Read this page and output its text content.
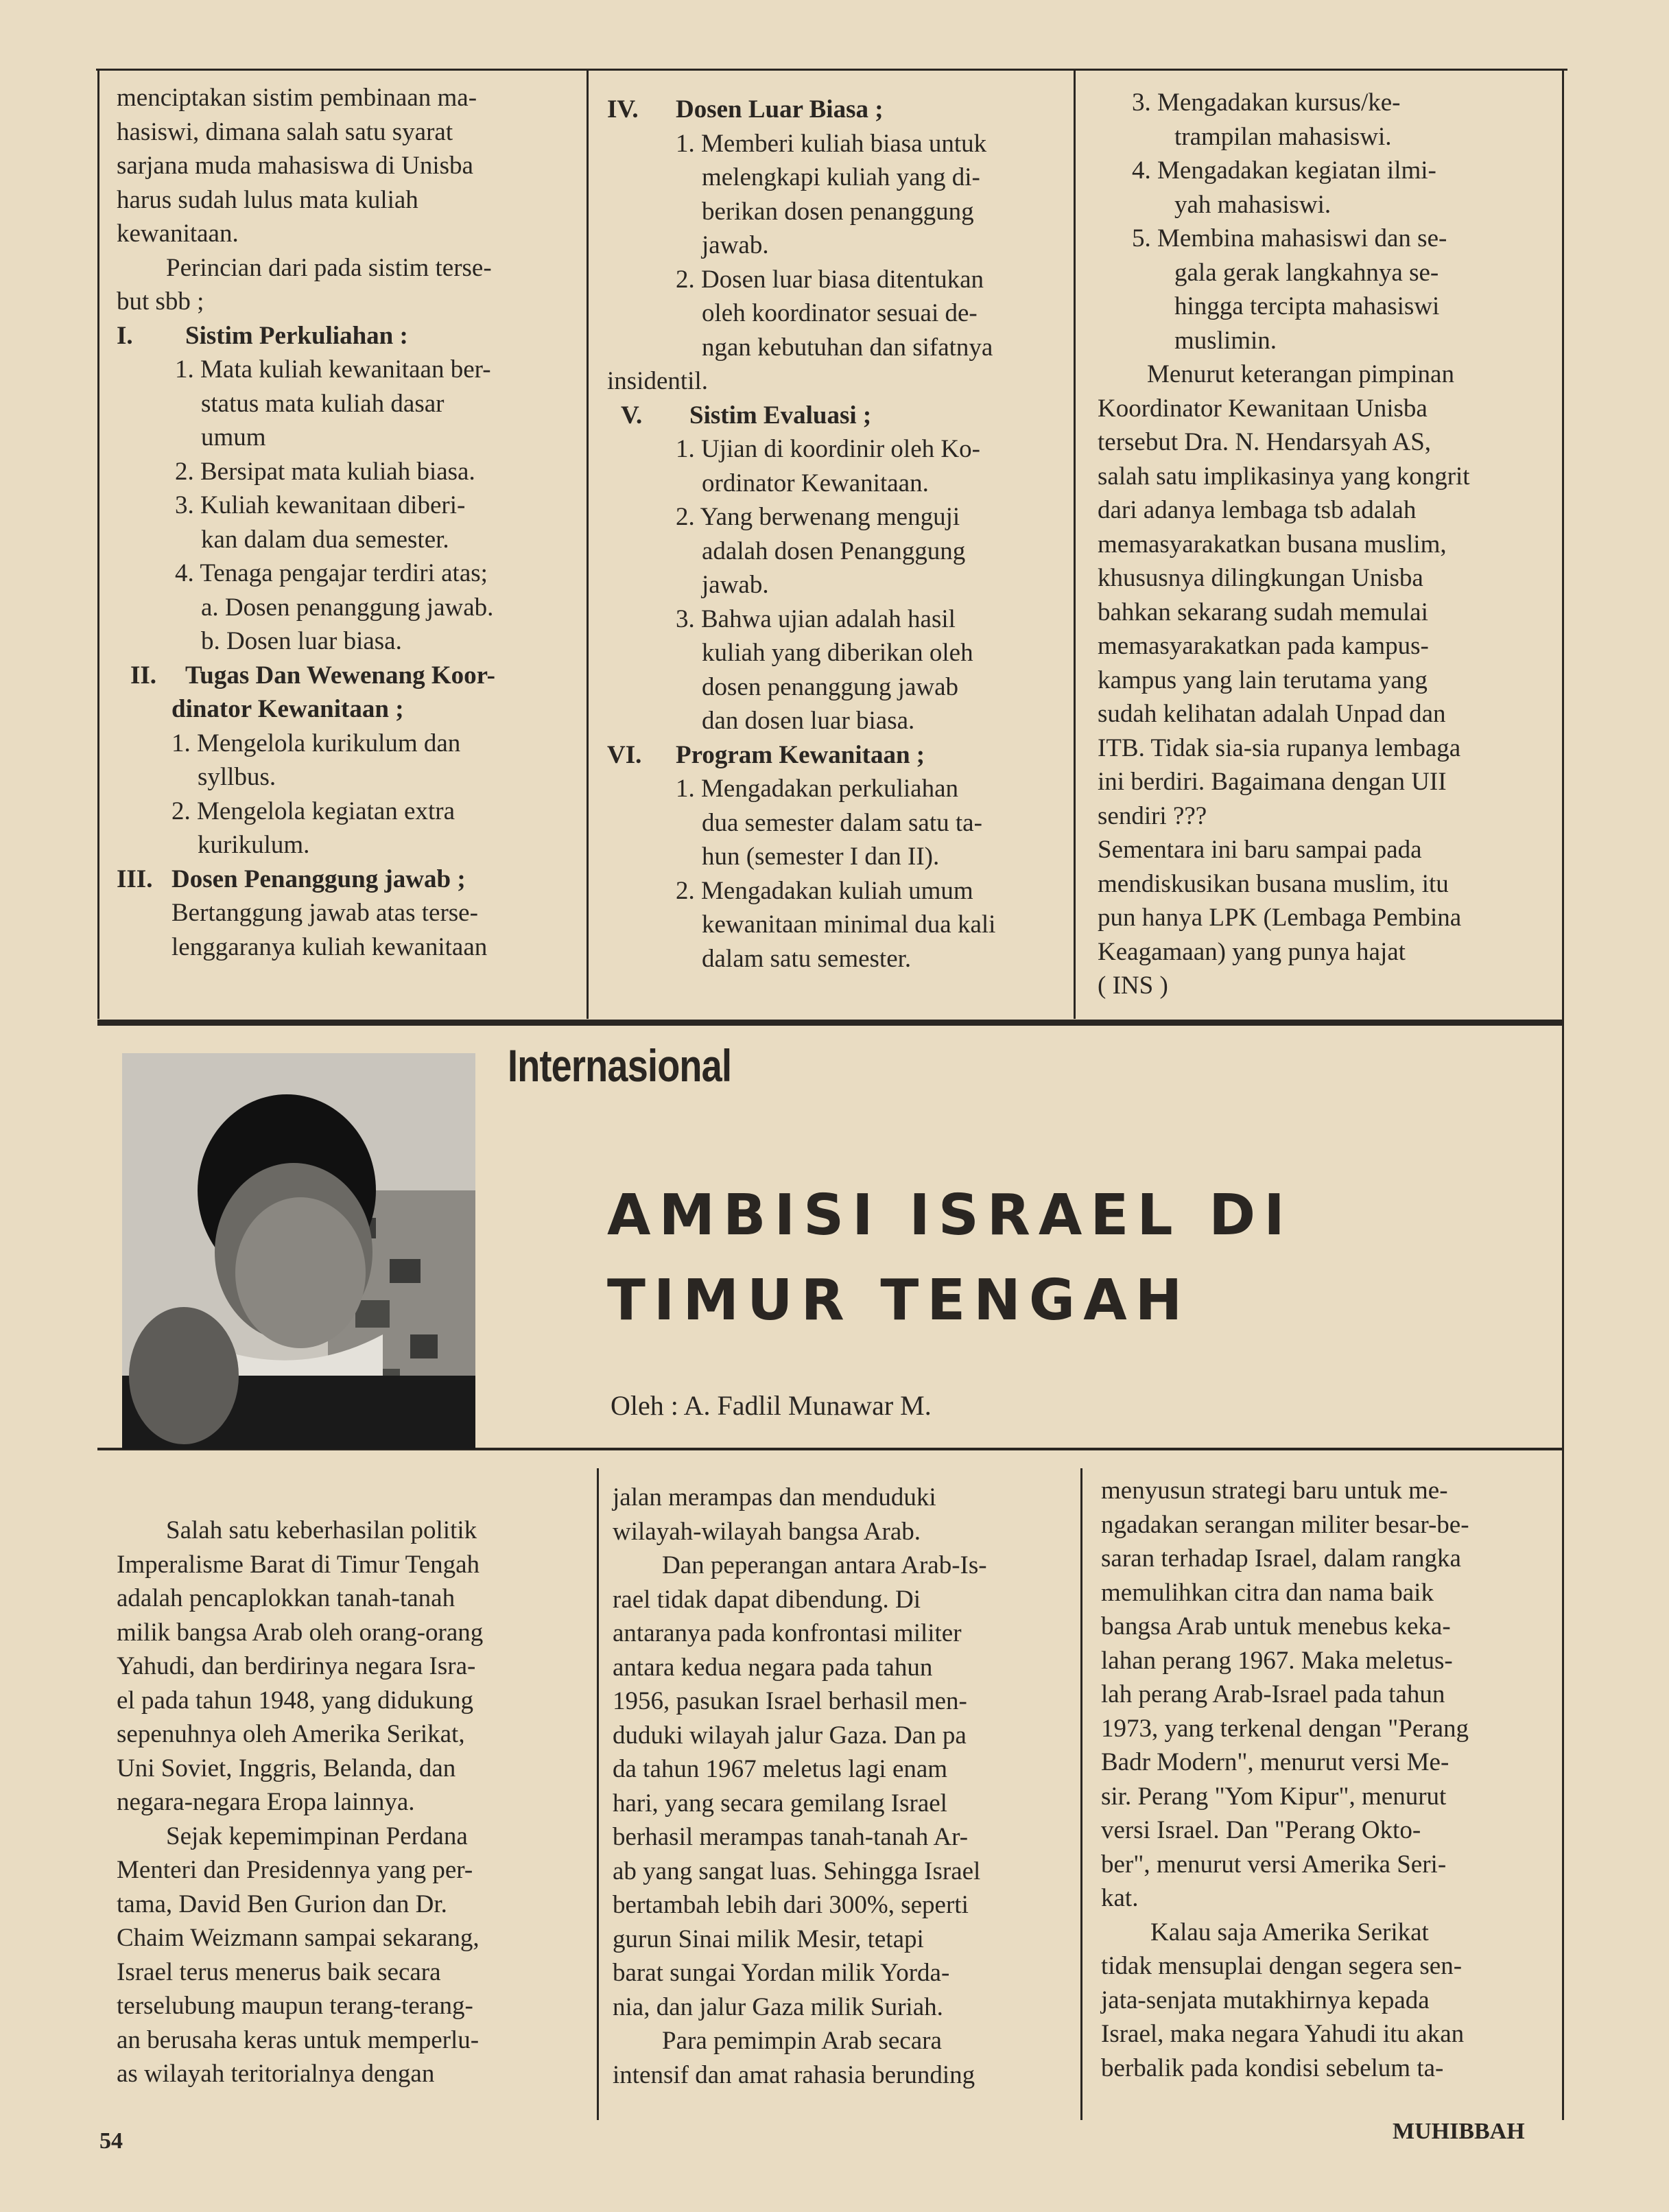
menciptakan sistim pembinaan ma-

hasiswi, dimana salah satu syarat

sarjana muda mahasiswa di Unisba

harus sudah lulus mata kuliah

kewanitaan.

Perincian dari pada sistim terse-

but sbb ;

I. Sistim Perkuliahan :

1. Mata kuliah kewanitaan ber-

status mata kuliah dasar

umum

2. Bersipat mata kuliah biasa.

3. Kuliah kewanitaan diberi-

kan dalam dua semester.

4. Tenaga pengajar terdiri atas;

a. Dosen penanggung jawab.

b. Dosen luar biasa.

II. Tugas Dan Wewenang Koor-

dinator Kewanitaan ;

1. Mengelola kurikulum dan

syllbus.

2. Mengelola kegiatan extra

kurikulum.

III. Dosen Penanggung jawab ;

Bertanggung jawab atas terse-

lenggaranya kuliah kewanitaan

IV. Dosen Luar Biasa ;

1. Memberi kuliah biasa untuk

melengkapi kuliah yang di-

berikan dosen penanggung

jawab.

2. Dosen luar biasa ditentukan

oleh koordinator sesuai de-

ngan kebutuhan dan sifatnya

insidentil.

V. Sistim Evaluasi ;

1. Ujian di koordinir oleh Ko-

ordinator Kewanitaan.

2. Yang berwenang menguji

adalah dosen Penanggung

jawab.

3. Bahwa ujian adalah hasil

kuliah yang diberikan oleh

dosen penanggung jawab

dan dosen luar biasa.

VI. Program Kewanitaan ;

1. Mengadakan perkuliahan

dua semester dalam satu ta-

hun (semester I dan II).

2. Mengadakan kuliah umum

kewanitaan minimal dua kali

dalam satu semester.

3. Mengadakan kursus/ke-

trampilan mahasiswi.

4. Mengadakan kegiatan ilmi-

yah mahasiswi.

5. Membina mahasiswi dan se-

gala gerak langkahnya se-

hingga tercipta mahasiswi

muslimin.

Menurut keterangan pimpinan

Koordinator Kewanitaan Unisba

tersebut Dra. N. Hendarsyah AS,

salah satu implikasinya yang kongrit

dari adanya lembaga tsb adalah

memasyarakatkan busana muslim,

khususnya dilingkungan Unisba

bahkan sekarang sudah memulai

memasyarakatkan pada kampus-

kampus yang lain terutama yang

sudah kelihatan adalah Unpad dan

ITB. Tidak sia-sia rupanya lembaga

ini berdiri. Bagaimana dengan UII

sendiri ???

Sementara ini baru sampai pada

mendiskusikan busana muslim, itu

pun hanya LPK (Lembaga Pembina

Keagamaan) yang punya hajat

( INS )

Internasional
AMBISI ISRAEL DI
TIMUR TENGAH
Oleh : A. Fadlil Munawar M.

Salah satu keberhasilan politik

Imperalisme Barat di Timur Tengah

adalah pencaplokkan tanah-tanah

milik bangsa Arab oleh orang-orang

Yahudi, dan berdirinya negara Isra-

el pada tahun 1948, yang didukung

sepenuhnya oleh Amerika Serikat,

Uni Soviet, Inggris, Belanda, dan

negara-negara Eropa lainnya.

Sejak kepemimpinan Perdana

Menteri dan Presidennya yang per-

tama, David Ben Gurion dan Dr.

Chaim Weizmann sampai sekarang,

Israel terus menerus baik secara

terselubung maupun terang-terang-

an berusaha keras untuk memperlu-

as wilayah teritorialnya dengan

jalan merampas dan menduduki

wilayah-wilayah bangsa Arab.

Dan peperangan antara Arab-Is-

rael tidak dapat dibendung. Di

antaranya pada konfrontasi militer

antara kedua negara pada tahun

1956, pasukan Israel berhasil men-

duduki wilayah jalur Gaza. Dan pa

da tahun 1967 meletus lagi enam

hari, yang secara gemilang Israel

berhasil merampas tanah-tanah Ar-

ab yang sangat luas. Sehingga Israel

bertambah lebih dari 300%, seperti

gurun Sinai milik Mesir, tetapi

barat sungai Yordan milik Yorda-

nia, dan jalur Gaza milik Suriah.

Para pemimpin Arab secara

intensif dan amat rahasia berunding

menyusun strategi baru untuk me-

ngadakan serangan militer besar-be-

saran terhadap Israel, dalam rangka

memulihkan citra dan nama baik

bangsa Arab untuk menebus keka-

lahan perang 1967. Maka meletus-

lah perang Arab-Israel pada tahun

1973, yang terkenal dengan "Perang

Badr Modern", menurut versi Me-

sir. Perang "Yom Kipur", menurut

versi Israel. Dan "Perang Okto-

ber", menurut versi Amerika Seri-

kat.

Kalau saja Amerika Serikat

tidak mensuplai dengan segera sen-

jata-senjata mutakhirnya kepada

Israel, maka negara Yahudi itu akan

berbalik pada kondisi sebelum ta-

54	MUHIBBAH
